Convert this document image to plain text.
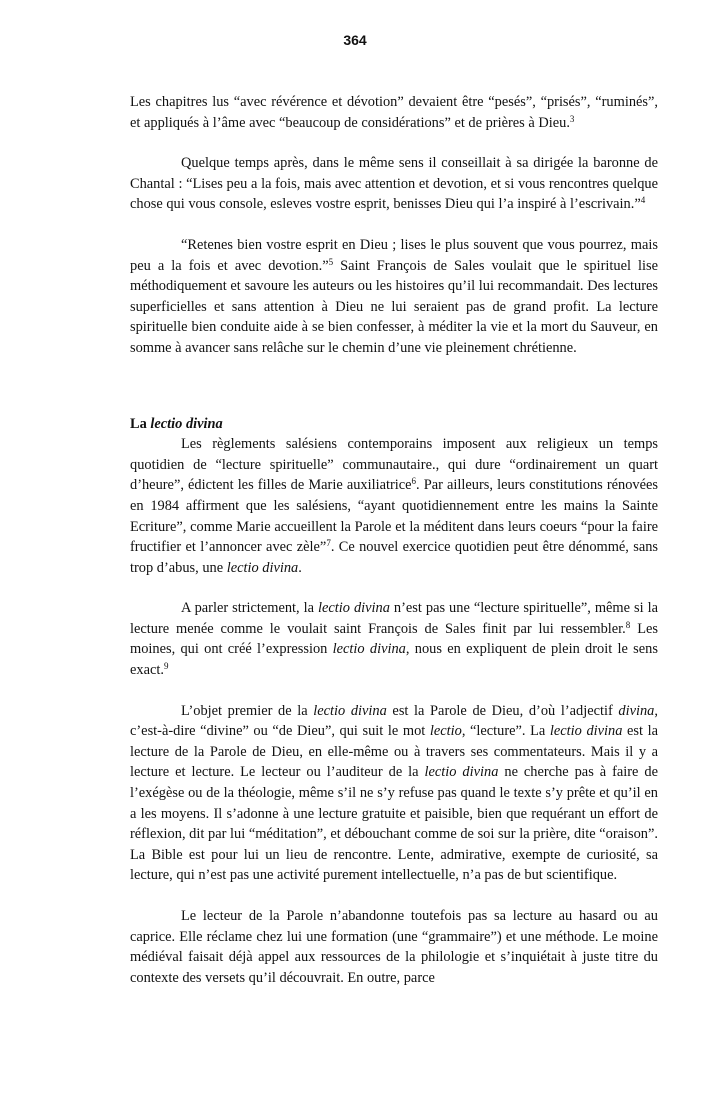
364

Les chapitres lus “avec révérence et dévotion” devaient être “pesés”, “prisés”, “ruminés”, et appliqués à l’âme avec “beaucoup de considérations” et de prières à Dieu.$^3$

Quelque temps après, dans le même sens il conseillait à sa dirigée la baronne de Chantal : “Lises peu a la fois, mais avec attention et devotion, et si vous rencontres quelque chose qui vous console, esleves vostre esprit, benisses Dieu qui l’a inspiré à l’escrivain.”$^4$

“Retenes bien vostre esprit en Dieu ; lises le plus souvent que vous pourrez, mais peu a la fois et avec devotion.”$^5$ Saint François de Sales voulait que le spirituel lise méthodiquement et savoure les auteurs ou les histoires qu’il lui recommandait. Des lectures superficielles et sans attention à Dieu ne lui seraient pas de grand profit. La lecture spirituelle bien conduite aide à se bien confesser, à méditer la vie et la mort du Sauveur, en somme à avancer sans relâche sur le chemin d’une vie pleinement chrétienne.

La lectio divina

Les règlements salésiens contemporains imposent aux religieux un temps quotidien de “lecture spirituelle” communautaire., qui dure “ordinairement un quart d’heure”, édictent les filles de Marie auxiliatrice$^6$. Par ailleurs, leurs constitutions rénovées en 1984 affirment que les salésiens, “ayant quotidiennement entre les mains la Sainte Ecriture”, comme Marie accueillent la Parole et la méditent dans leurs coeurs “pour la faire fructifier et l’annoncer avec zèle”$^7$. Ce nouvel exercice quotidien peut être dénommé, sans trop d’abus, une lectio divina.

A parler strictement, la lectio divina n’est pas une “lecture spirituelle”, même si la lecture menée comme le voulait saint François de Sales finit par lui ressembler.$^8$ Les moines, qui ont créé l’expression lectio divina, nous en expliquent de plein droit le sens exact.$^9$

L’objet premier de la lectio divina est la Parole de Dieu, d’où l’adjectif divina, c’est-à-dire “divine” ou “de Dieu”, qui suit le mot lectio, “lecture”. La lectio divina est la lecture de la Parole de Dieu, en elle-même ou à travers ses commentateurs. Mais il y a lecture et lecture. Le lecteur ou l’auditeur de la lectio divina ne cherche pas à faire de l’exégèse ou de la théologie, même s’il ne s’y refuse pas quand le texte s’y prête et qu’il en a les moyens. Il s’adonne à une lecture gratuite et paisible, bien que requérant un effort de réflexion, dit par lui “méditation”, et débouchant comme de soi sur la prière, dite “oraison”. La Bible est pour lui un lieu de rencontre. Lente, admirative, exempte de curiosité, sa lecture, qui n’est pas une activité purement intellectuelle, n’a pas de but scientifique.

Le lecteur de la Parole n’abandonne toutefois pas sa lecture au hasard ou au caprice. Elle réclame chez lui une formation (une “grammaire”) et une méthode. Le moine médiéval faisait déjà appel aux ressources de la philologie et s’inquiétait à juste titre du contexte des versets qu’il découvrait. En outre, parce
